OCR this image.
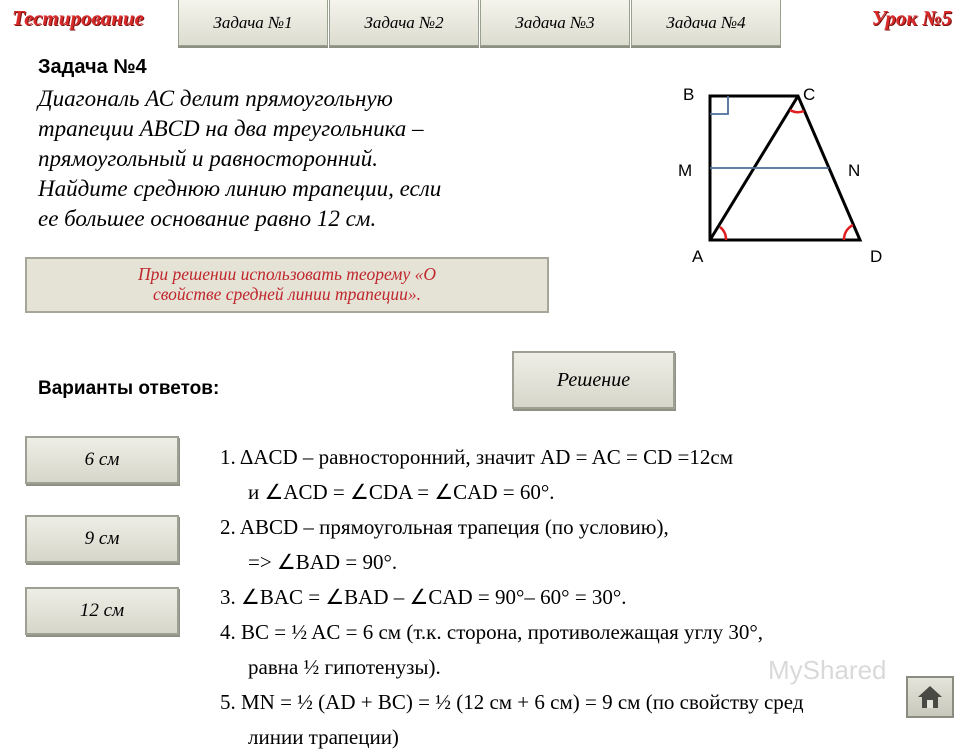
Тестирование	Урок №5
Задача №1	Задача №2	Задача №3	Задача №4
Задача №4
Диагональ АС делит прямоугольную
трапеции ABCD на два треугольника –
прямоугольный и равносторонний.
Найдите среднюю линию трапеции, если
ее большее основание равно 12 см.
B	C
M	N
A	D
При решении использовать теорему «О
свойстве средней линии трапеции».
Варианты ответов:	Решение
6 см
9 см
12 см
1. ΔACD – равносторонний, значит AD = AC = CD =12см
и ∠ACD = ∠CDA = ∠CAD = 60°.
2. ABCD – прямоугольная трапеция (по условию),
=> ∠BAD = 90°.
3. ∠BAC = ∠BAD – ∠CAD = 90°– 60° = 30°.
4. BC = ½ AC = 6 см (т.к. сторона, противолежащая углу 30°,
равна ½ гипотенузы).
5. MN = ½ (AD + BC) = ½ (12 см + 6 см) = 9 см (по свойству сред
линии трапеции)
MyShared
